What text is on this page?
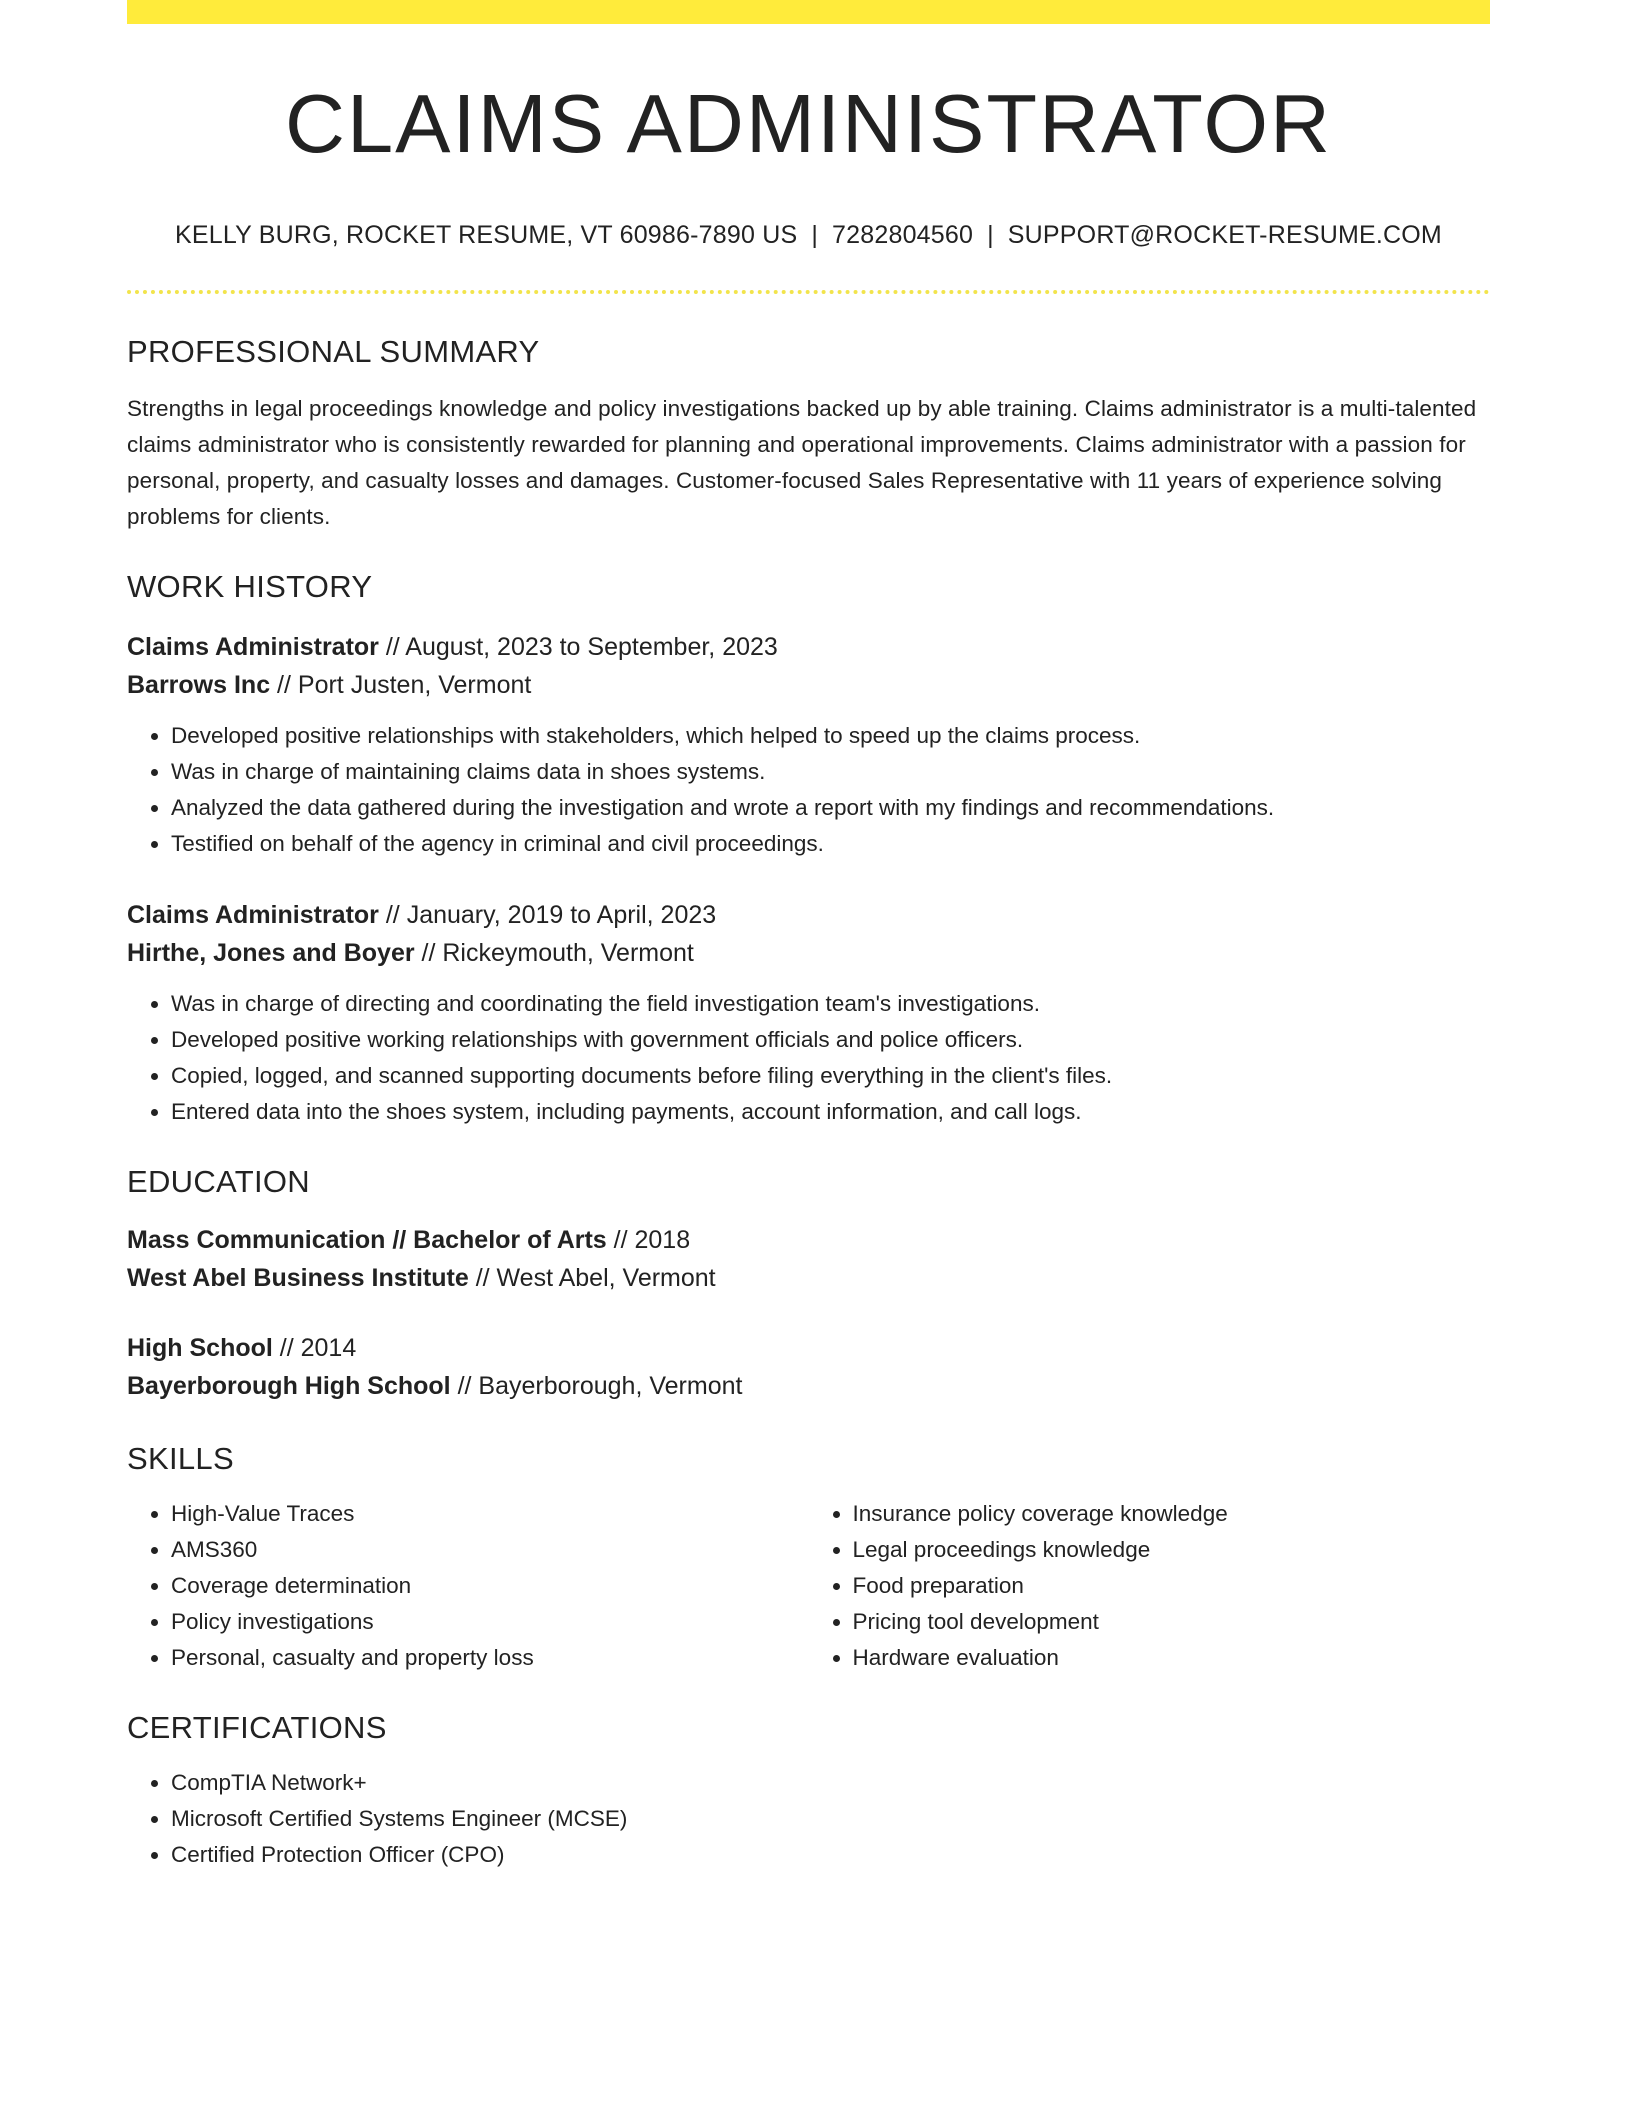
CLAIMS ADMINISTRATOR
KELLY BURG, ROCKET RESUME, VT 60986-7890 US | 7282804560 | SUPPORT@ROCKET-RESUME.COM
PROFESSIONAL SUMMARY
Strengths in legal proceedings knowledge and policy investigations backed up by able training. Claims administrator is a multi-talented claims administrator who is consistently rewarded for planning and operational improvements. Claims administrator with a passion for personal, property, and casualty losses and damages. Customer-focused Sales Representative with 11 years of experience solving problems for clients.
WORK HISTORY
Claims Administrator // August, 2023 to September, 2023
Barrows Inc // Port Justen, Vermont
• Developed positive relationships with stakeholders, which helped to speed up the claims process.
• Was in charge of maintaining claims data in shoes systems.
• Analyzed the data gathered during the investigation and wrote a report with my findings and recommendations.
• Testified on behalf of the agency in criminal and civil proceedings.
Claims Administrator // January, 2019 to April, 2023
Hirthe, Jones and Boyer // Rickeymouth, Vermont
• Was in charge of directing and coordinating the field investigation team's investigations.
• Developed positive working relationships with government officials and police officers.
• Copied, logged, and scanned supporting documents before filing everything in the client's files.
• Entered data into the shoes system, including payments, account information, and call logs.
EDUCATION
Mass Communication // Bachelor of Arts // 2018
West Abel Business Institute // West Abel, Vermont
High School // 2014
Bayerborough High School // Bayerborough, Vermont
SKILLS
• High-Value Traces
• AMS360
• Coverage determination
• Policy investigations
• Personal, casualty and property loss
• Insurance policy coverage knowledge
• Legal proceedings knowledge
• Food preparation
• Pricing tool development
• Hardware evaluation
CERTIFICATIONS
• CompTIA Network+
• Microsoft Certified Systems Engineer (MCSE)
• Certified Protection Officer (CPO)
